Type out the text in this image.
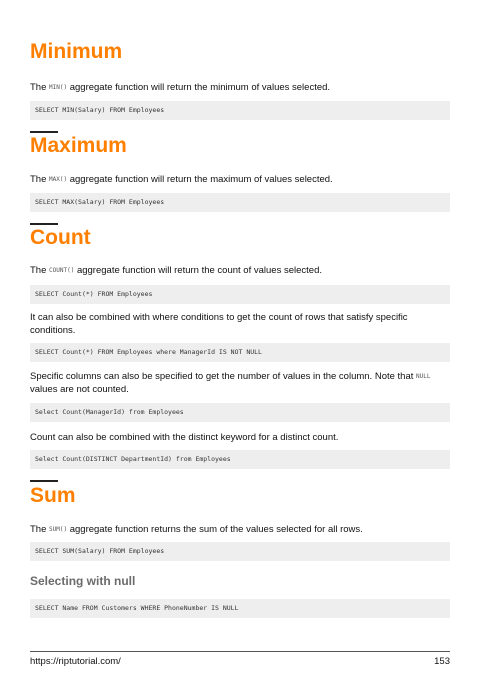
Minimum

The MIN() aggregate function will return the minimum of values selected.

SELECT MIN(Salary) FROM Employees
Maximum

The MAX() aggregate function will return the maximum of values selected.

SELECT MAX(Salary) FROM Employees
Count

The COUNT() aggregate function will return the count of values selected.

SELECT Count(*) FROM Employees

It can also be combined with where conditions to get the count of rows that satisfy specific conditions.

SELECT Count(*) FROM Employees where ManagerId IS NOT NULL

Specific columns can also be specified to get the number of values in the column. Note that NULL values are not counted.

Select Count(ManagerId) from Employees

Count can also be combined with the distinct keyword for a distinct count.

Select Count(DISTINCT DepartmentId) from Employees
Sum

The SUM() aggregate function returns the sum of the values selected for all rows.

SELECT SUM(Salary) FROM Employees
Selecting with null
SELECT Name FROM Customers WHERE PhoneNumber IS NULL
https://riptutorial.com/	153
